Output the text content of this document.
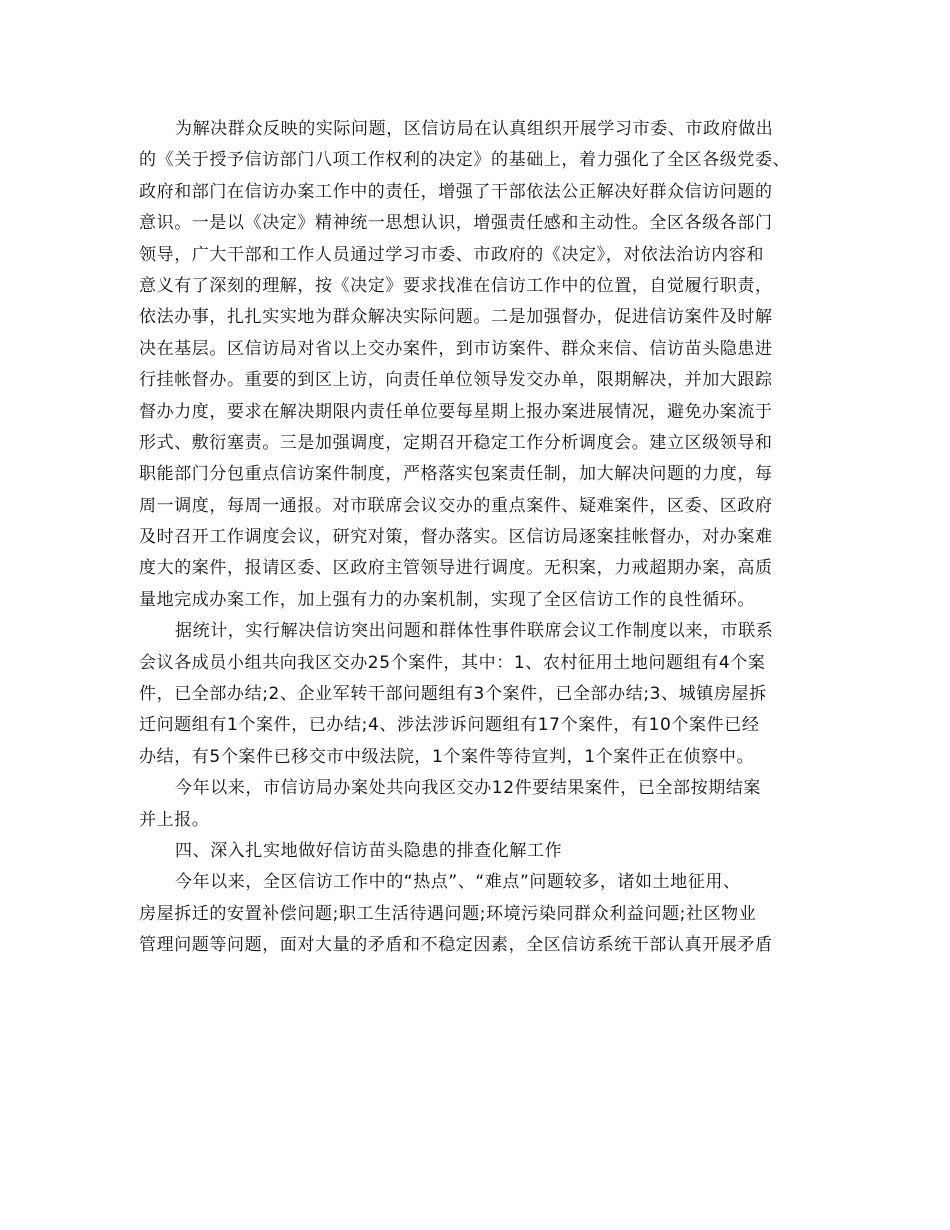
为解决群众反映的实际问题，区信访局在认真组织开展学习市委、市政府做出
的《关于授予信访部门八项工作权利的决定》的基础上，着力强化了全区各级党委、
政府和部门在信访办案工作中的责任，增强了干部依法公正解决好群众信访问题的
意识。一是以《决定》精神统一思想认识，增强责任感和主动性。全区各级各部门
领导，广大干部和工作人员通过学习市委、市政府的《决定》，对依法治访内容和
意义有了深刻的理解，按《决定》要求找准在信访工作中的位置，自觉履行职责，
依法办事，扎扎实实地为群众解决实际问题。二是加强督办，促进信访案件及时解
决在基层。区信访局对省以上交办案件，到市访案件、群众来信、信访苗头隐患进
行挂帐督办。重要的到区上访，向责任单位领导发交办单，限期解决，并加大跟踪
督办力度，要求在解决期限内责任单位要每星期上报办案进展情况，避免办案流于
形式、敷衍塞责。三是加强调度，定期召开稳定工作分析调度会。建立区级领导和
职能部门分包重点信访案件制度，严格落实包案责任制，加大解决问题的力度，每
周一调度，每周一通报。对市联席会议交办的重点案件、疑难案件，区委、区政府
及时召开工作调度会议，研究对策，督办落实。区信访局逐案挂帐督办，对办案难
度大的案件，报请区委、区政府主管领导进行调度。无积案，力戒超期办案，高质
量地完成办案工作，加上强有力的办案机制，实现了全区信访工作的良性循环。
据统计，实行解决信访突出问题和群体性事件联席会议工作制度以来，市联系
会议各成员小组共向我区交办25个案件，其中：1、农村征用土地问题组有4个案
件，已全部办结;2、企业军转干部问题组有3个案件，已全部办结;3、城镇房屋拆
迁问题组有1个案件，已办结;4、涉法涉诉问题组有17个案件，有10个案件已经
办结，有5个案件已移交市中级法院，1个案件等待宣判，1个案件正在侦察中。
今年以来，市信访局办案处共向我区交办12件要结果案件，已全部按期结案
并上报。
四、深入扎实地做好信访苗头隐患的排查化解工作
今年以来，全区信访工作中的“热点”、“难点”问题较多，诸如土地征用、
房屋拆迁的安置补偿问题;职工生活待遇问题;环境污染同群众利益问题;社区物业
管理问题等问题，面对大量的矛盾和不稳定因素，全区信访系统干部认真开展矛盾
